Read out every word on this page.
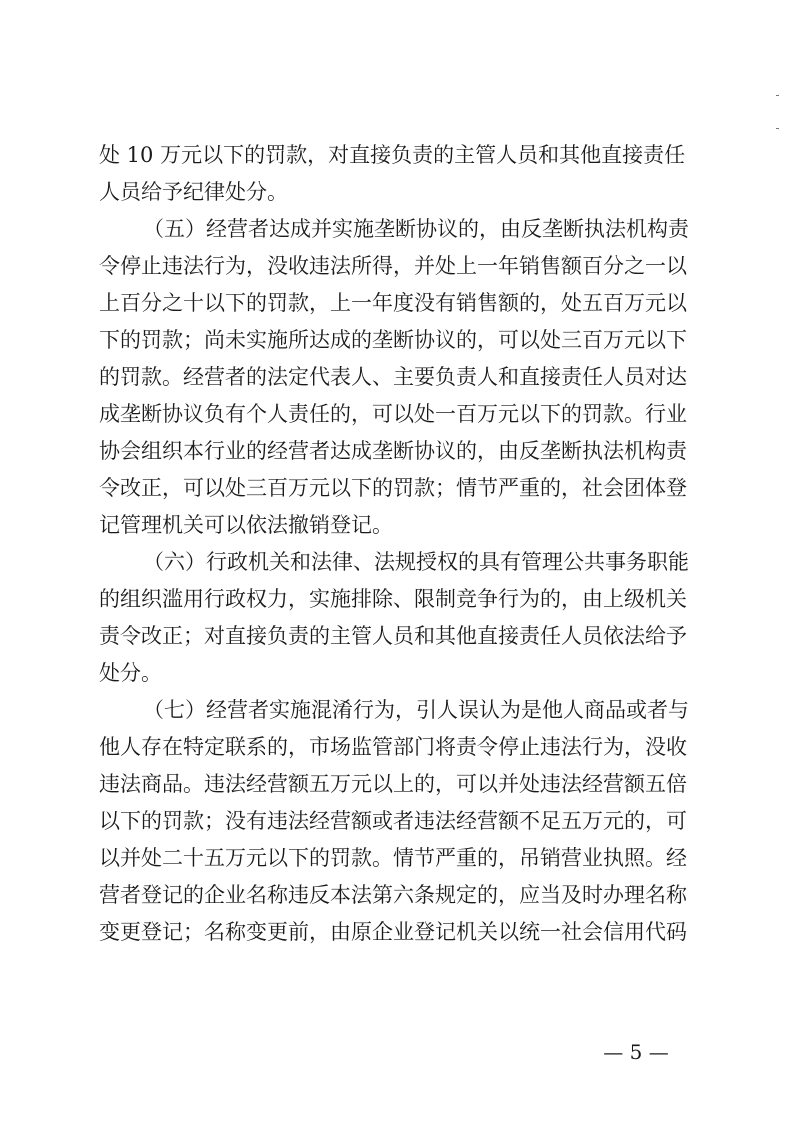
处 10 万元以下的罚款，对直接负责的主管人员和其他直接责任
人员给予纪律处分。
（五）经营者达成并实施垄断协议的，由反垄断执法机构责
令停止违法行为，没收违法所得，并处上一年销售额百分之一以
上百分之十以下的罚款，上一年度没有销售额的，处五百万元以
下的罚款；尚未实施所达成的垄断协议的，可以处三百万元以下
的罚款。经营者的法定代表人、主要负责人和直接责任人员对达
成垄断协议负有个人责任的，可以处一百万元以下的罚款。行业
协会组织本行业的经营者达成垄断协议的，由反垄断执法机构责
令改正，可以处三百万元以下的罚款；情节严重的，社会团体登
记管理机关可以依法撤销登记。
（六）行政机关和法律、法规授权的具有管理公共事务职能
的组织滥用行政权力，实施排除、限制竞争行为的，由上级机关
责令改正；对直接负责的主管人员和其他直接责任人员依法给予
处分。
（七）经营者实施混淆行为，引人误认为是他人商品或者与
他人存在特定联系的，市场监管部门将责令停止违法行为，没收
违法商品。违法经营额五万元以上的，可以并处违法经营额五倍
以下的罚款；没有违法经营额或者违法经营额不足五万元的，可
以并处二十五万元以下的罚款。情节严重的，吊销营业执照。经
营者登记的企业名称违反本法第六条规定的，应当及时办理名称
变更登记；名称变更前，由原企业登记机关以统一社会信用代码
— 5 —
